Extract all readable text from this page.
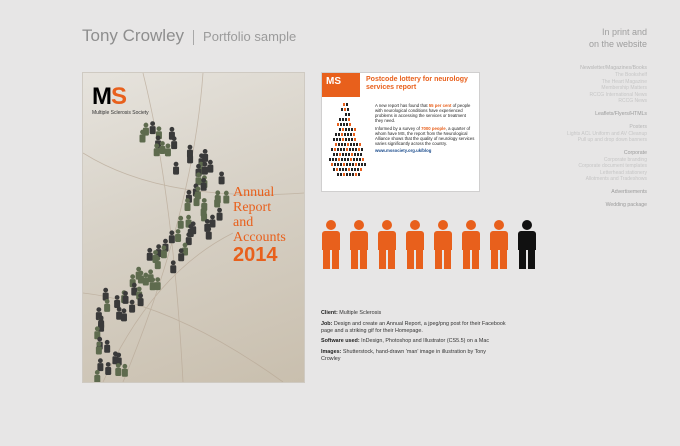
Tony Crowley Portfolio sample
MS
Multiple Sclerosis Society
Annual
Report
and
Accounts
2014
MS	Postcode lottery for neurology services report

A new report has found that 55 per cent of people with neurological conditions have experienced problems in accessing the services or treatment they need.

Informed by a survey of 7000 people, a quarter of whom have MS, the report from the Neurological Alliance shows that the quality of neurology services varies significantly across the country.

www.mssociety.org.uk/blog

Client: Multiple Sclerosis

Job: Design and create an Annual Report, a jpeg/png post for their Facebook page and a striking gif for their Homepage.

Software used: InDesign, Photoshop and Illustrator (CS5.5) on a Mac

Images: Shutterstock, hand-drawn 'man' image in illustration by Tony Crowley

In print and
on the website
Newsletter/Magazines/Books
The Bookshelf
The Heart Magazine
Membership Matters
RCCG International News
RCCG News
Leaflets/Flyers/HTMLs
Posters
Lights ACL Uniform and AV Cleanup
Pull up and drop down banners
Corporate
Corporate branding
Corporate document templates
Letterhead stationery
Allotments and Tradeshows
Advertisements
Wedding package
